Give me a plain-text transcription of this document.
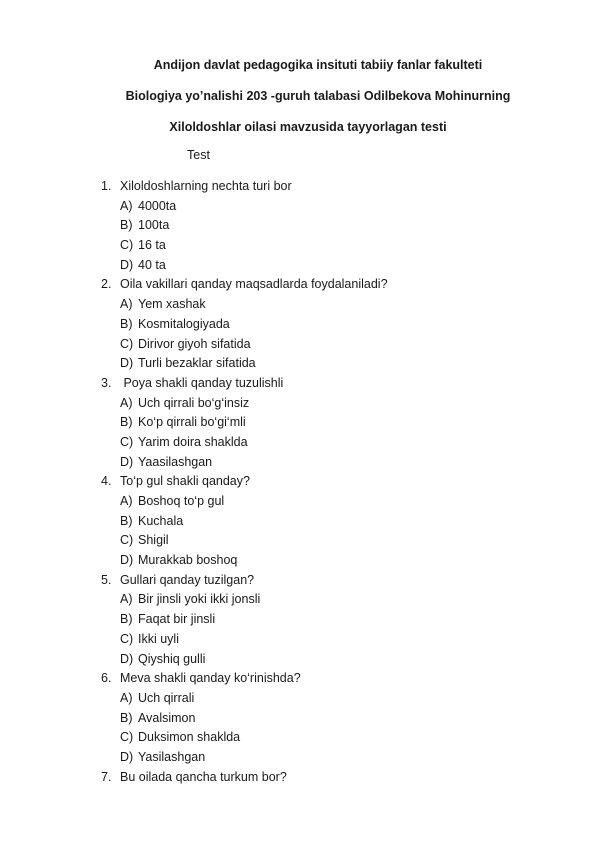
Andijon davlat pedagogika insituti tabiiy fanlar fakulteti
Biologiya yo’nalishi 203 -guruh talabasi Odilbekova Mohinurning
Xiloldoshlar oilasi mavzusida tayyorlagan testi
Test
1. Xiloldoshlarning nechta turi bor
A) 4000ta
B) 100ta
C) 16 ta
D) 40 ta
2. Oila vakillari qanday maqsadlarda foydalaniladi?
A) Yem xashak
B) Kosmitalogiyada
C) Dirivor giyoh sifatida
D) Turli bezaklar sifatida
3. Poya shakli qanday tuzulishli
A) Uch qirrali bo‘g‘insiz
B) Ko‘p qirrali bo‘gi‘mli
C) Yarim doira shaklda
D) Yaasilashgan
4. To‘p gul shakli qanday?
A) Boshoq to‘p gul
B) Kuchala
C) Shigil
D) Murakkab boshoq
5. Gullari qanday tuzilgan?
A) Bir jinsli yoki ikki jonsli
B) Faqat bir jinsli
C) Ikki uyli
D) Qiyshiq gulli
6. Meva shakli qanday ko‘rinishda?
A) Uch qirrali
B) Avalsimon
C) Duksimon shaklda
D) Yasilashgan
7. Bu oilada qancha turkum bor?
